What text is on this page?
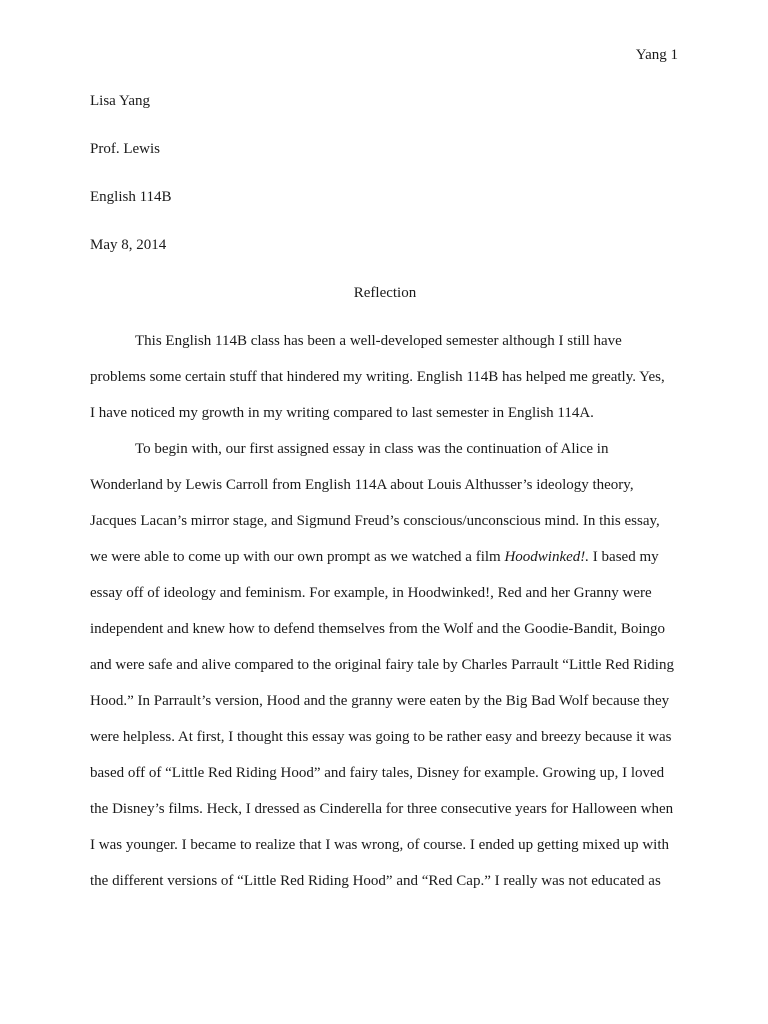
Yang 1
Lisa Yang
Prof. Lewis
English 114B
May 8, 2014
Reflection
This English 114B class has been a well-developed semester although I still have
problems some certain stuff that hindered my writing. English 114B has helped me greatly. Yes,
I have noticed my growth in my writing compared to last semester in English 114A.
To begin with, our first assigned essay in class was the continuation of Alice in
Wonderland by Lewis Carroll from English 114A about Louis Althusser’s ideology theory,
Jacques Lacan’s mirror stage, and Sigmund Freud’s conscious/unconscious mind. In this essay,
we were able to come up with our own prompt as we watched a film Hoodwinked!. I based my
essay off of ideology and feminism. For example, in Hoodwinked!, Red and her Granny were
independent and knew how to defend themselves from the Wolf and the Goodie-Bandit, Boingo
and were safe and alive compared to the original fairy tale by Charles Parrault “Little Red Riding
Hood.” In Parrault’s version, Hood and the granny were eaten by the Big Bad Wolf because they
were helpless. At first, I thought this essay was going to be rather easy and breezy because it was
based off of “Little Red Riding Hood” and fairy tales, Disney for example. Growing up, I loved
the Disney’s films. Heck, I dressed as Cinderella for three consecutive years for Halloween when
I was younger. I became to realize that I was wrong, of course. I ended up getting mixed up with
the different versions of “Little Red Riding Hood” and “Red Cap.” I really was not educated as
